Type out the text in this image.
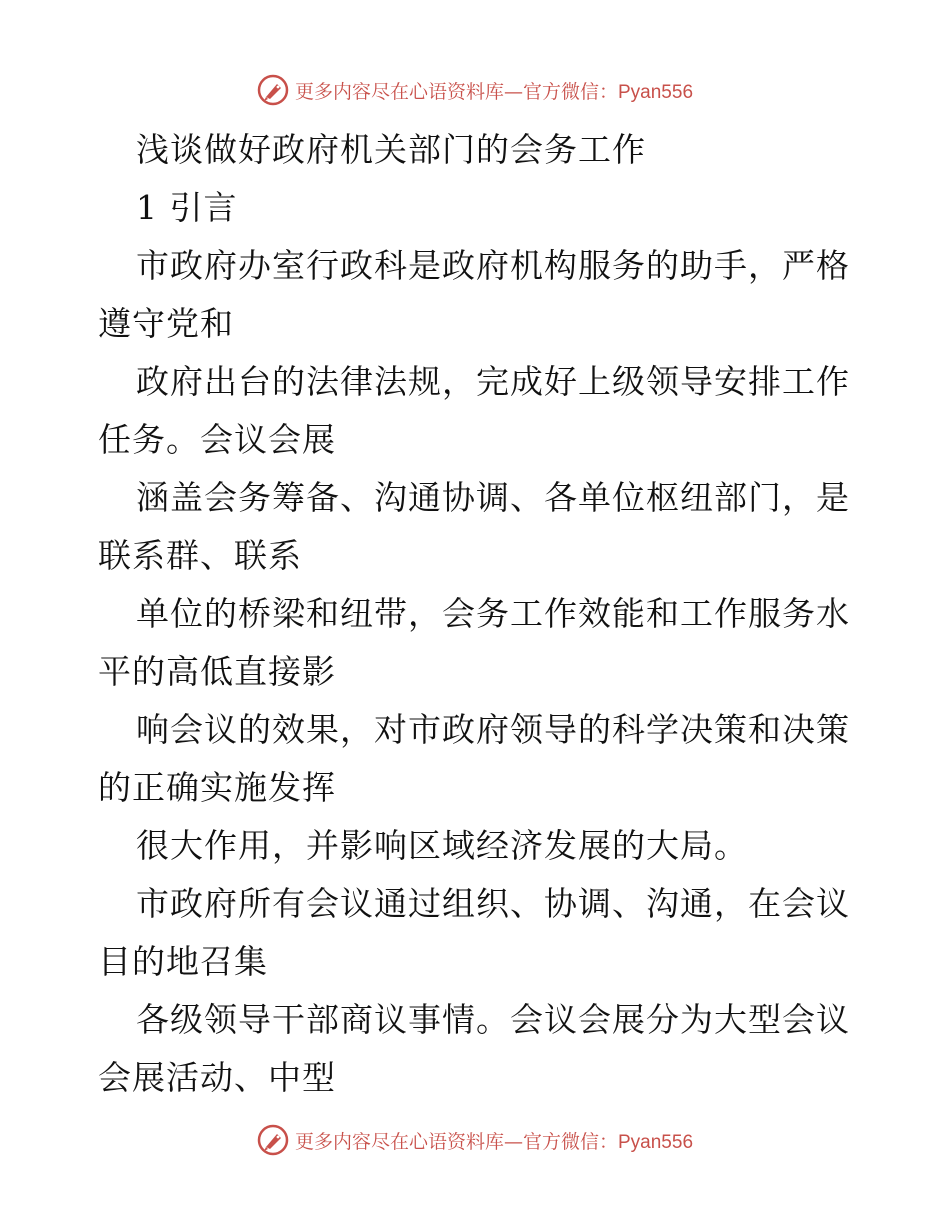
更多内容尽在心语资料库—官方微信：Pyan556
浅谈做好政府机关部门的会务工作
1 引言
市政府办室行政科是政府机构服务的助手，严格
遵守党和
政府出台的法律法规，完成好上级领导安排工作
任务。会议会展
涵盖会务筹备、沟通协调、各单位枢纽部门，是
联系群、联系
单位的桥梁和纽带，会务工作效能和工作服务水
平的高低直接影
响会议的效果，对市政府领导的科学决策和决策
的正确实施发挥
很大作用，并影响区域经济发展的大局。
市政府所有会议通过组织、协调、沟通，在会议
目的地召集
各级领导干部商议事情。会议会展分为大型会议
会展活动、中型
更多内容尽在心语资料库—官方微信：Pyan556
